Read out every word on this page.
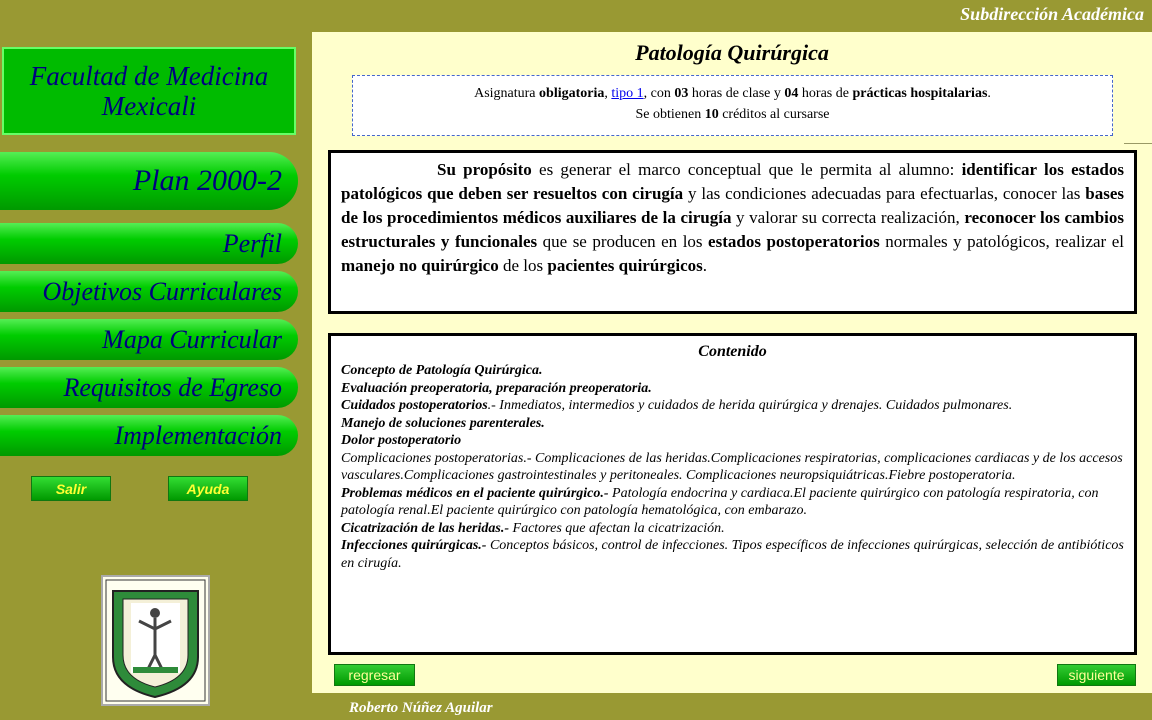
Subdirección Académica
Roberto Núñez Aguilar
Facultad de Medicina
Mexicali
Plan 2000-2
Perfil
Objetivos Curriculares
Mapa Curricular
Requisitos de Egreso
Implementación
Salir	Ayuda
Patología Quirúrgica
Asignatura obligatoria, tipo 1, con 03 horas de clase y 04 horas de prácticas hospitalarias.
Se obtienen 10 créditos al cursarse
Su propósito es generar el marco conceptual que le permita al alumno: identificar los estados patológicos que deben ser resueltos con cirugía y las condiciones adecuadas para efectuarlas, conocer las bases de los procedimientos médicos auxiliares de la cirugía y valorar su correcta realización, reconocer los cambios estructurales y funcionales que se producen en los estados postoperatorios normales y patológicos, realizar el manejo no quirúrgico de los pacientes quirúrgicos.
Contenido
Concepto de Patología Quirúrgica.
Evaluación preoperatoria, preparación preoperatoria.
Cuidados postoperatorios.- Inmediatos, intermedios y cuidados de herida quirúrgica y drenajes. Cuidados pulmonares.
Manejo de soluciones parenterales.
Dolor postoperatorio
Complicaciones postoperatorias.- Complicaciones de las heridas.Complicaciones respiratorias, complicaciones cardiacas y de los accesos vasculares.Complicaciones gastrointestinales y peritoneales. Complicaciones neuropsiquiátricas.Fiebre postoperatoria.
Problemas médicos en el paciente quirúrgico.- Patología endocrina y cardiaca.El paciente quirúrgico con patología respiratoria, con patología renal.El paciente quirúrgico con patología hematológica, con embarazo.
Cicatrización de las heridas.- Factores que afectan la cicatrización.
Infecciones quirúrgicas.- Conceptos básicos, control de infecciones. Tipos específicos de infecciones quirúrgicas, selección de antibióticos en cirugía.
regresar	siguiente
